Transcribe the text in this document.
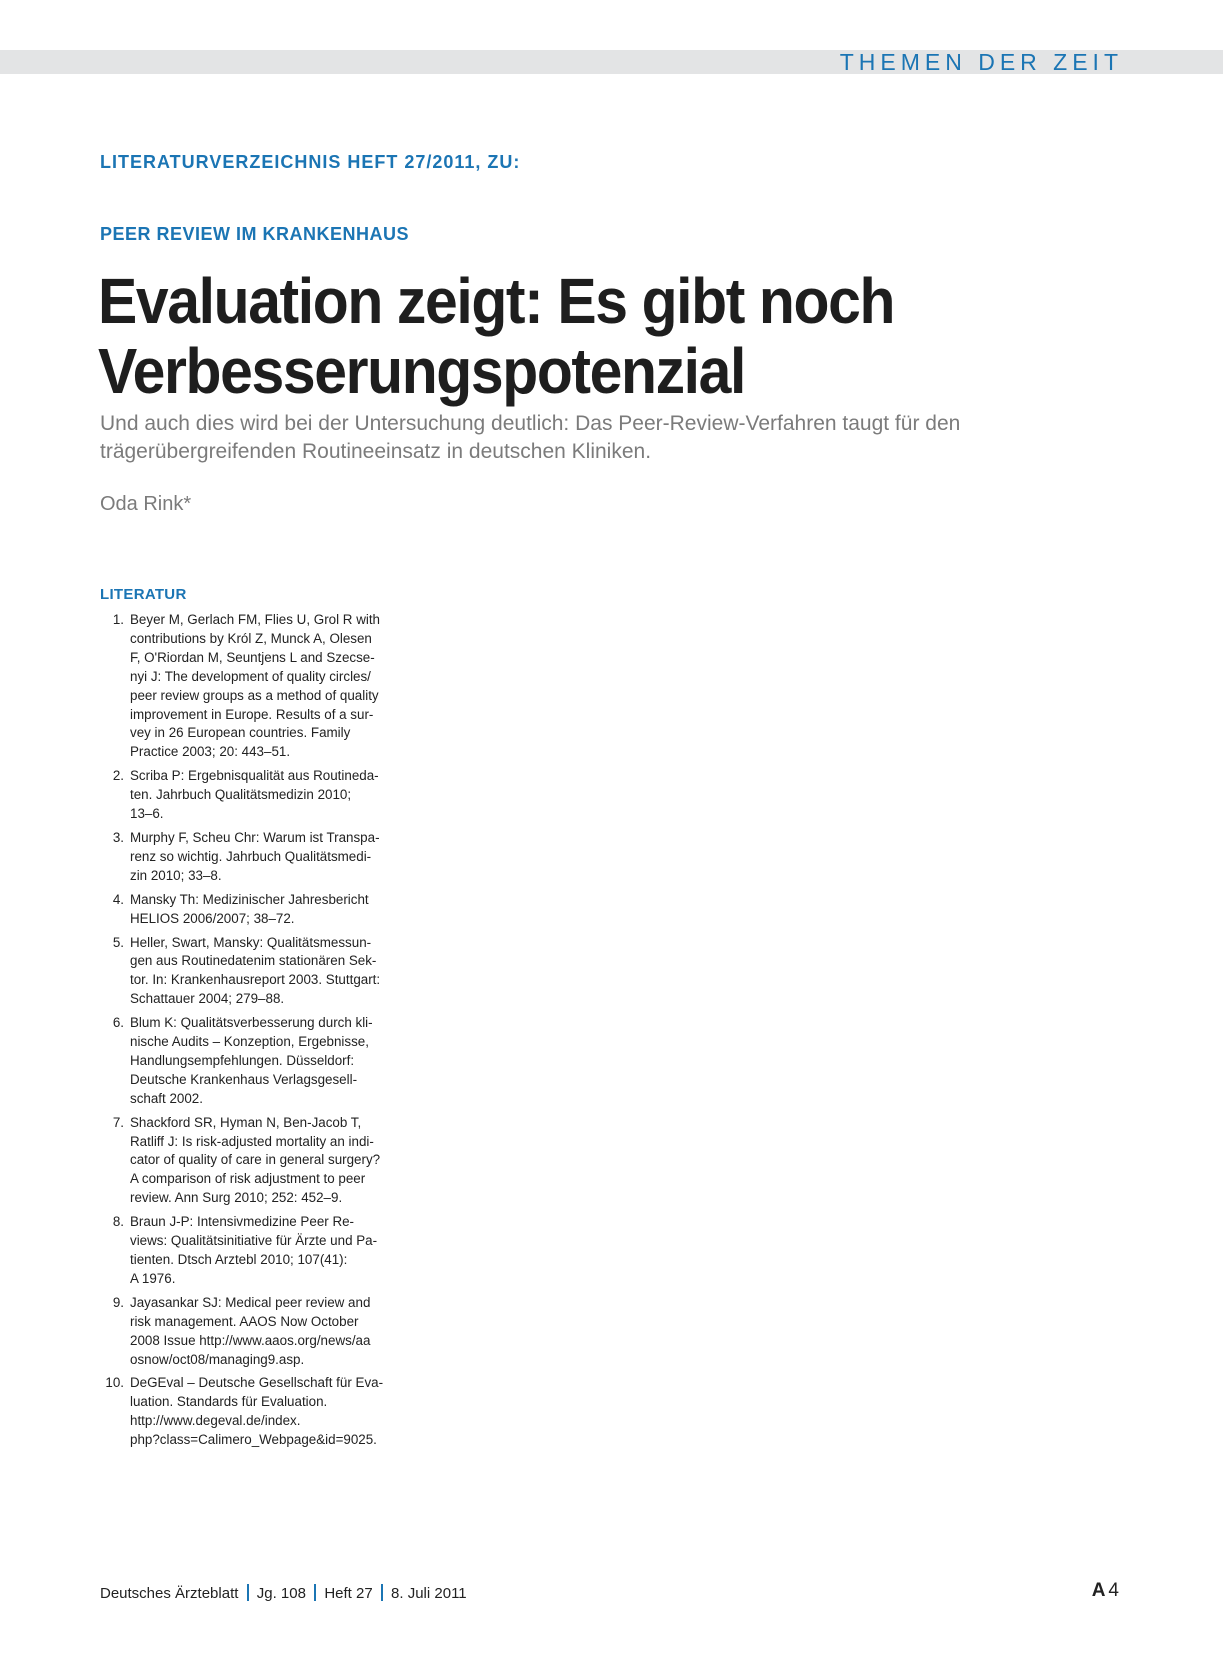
THEMEN DER ZEIT
LITERATURVERZEICHNIS HEFT 27/2011, ZU:
PEER REVIEW IM KRANKENHAUS
Evaluation zeigt: Es gibt noch
Verbesserungspotenzial
Und auch dies wird bei der Untersuchung deutlich: Das Peer-Review-Verfahren taugt für den trägerübergreifenden Routineeinsatz in deutschen Kliniken.
Oda Rink*
LITERATUR
1. Beyer M, Gerlach FM, Flies U, Grol R with
contributions by Król Z, Munck A, Olesen
F, O'Riordan M, Seuntjens L and Szecse-
nyi J: The development of quality circles/
peer review groups as a method of quality
improvement in Europe. Results of a sur-
vey in 26 European countries. Family
Practice 2003; 20: 443–51.
2. Scriba P: Ergebnisqualität aus Routineda-
ten. Jahrbuch Qualitätsmedizin 2010;
13–6.
3. Murphy F, Scheu Chr: Warum ist Transpa-
renz so wichtig. Jahrbuch Qualitätsmedi-
zin 2010; 33–8.
4. Mansky Th: Medizinischer Jahresbericht
HELIOS 2006/2007; 38–72.
5. Heller, Swart, Mansky: Qualitätsmessun-
gen aus Routinedatenim stationären Sek-
tor. In: Krankenhausreport 2003. Stuttgart:
Schattauer 2004; 279–88.
6. Blum K: Qualitätsverbesserung durch kli-
nische Audits – Konzeption, Ergebnisse,
Handlungsempfehlungen. Düsseldorf:
Deutsche Krankenhaus Verlagsgesell-
schaft 2002.
7. Shackford SR, Hyman N, Ben-Jacob T,
Ratliff J: Is risk-adjusted mortality an indi-
cator of quality of care in general surgery?
A comparison of risk adjustment to peer
review. Ann Surg 2010; 252: 452–9.
8. Braun J-P: Intensivmedizine Peer Re-
views: Qualitätsinitiative für Ärzte und Pa-
tienten. Dtsch Arztebl 2010; 107(41):
A 1976.
9. Jayasankar SJ: Medical peer review and
risk management. AAOS Now October
2008 Issue http://www.aaos.org/news/aa
osnow/oct08/managing9.asp.
10. DeGEval – Deutsche Gesellschaft für Eva-
luation. Standards für Evaluation.
http://www.degeval.de/index.
php?class=Calimero_Webpage&id=9025.
Deutsches Ärzteblatt Jg. 108 Heft 27 8. Juli 2011	A 4
